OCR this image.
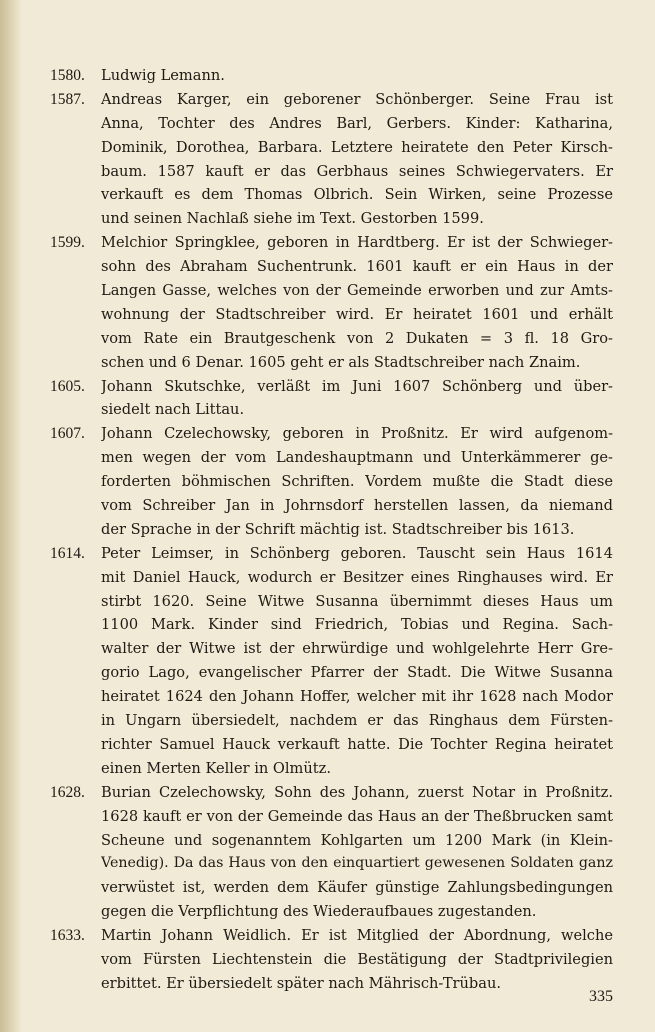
1580. Ludwig Lemann.
1587. Andreas Karger, ein geborener Schönberger. Seine Frau ist
Anna, Tochter des Andres Barl, Gerbers. Kinder: Katharina,
Dominik, Dorothea, Barbara. Letztere heiratete den Peter Kirsch-
baum. 1587 kauft er das Gerbhaus seines Schwiegervaters. Er
verkauft es dem Thomas Olbrich. Sein Wirken, seine Prozesse
und seinen Nachlaß siehe im Text. Gestorben 1599.
1599. Melchior Springklee, geboren in Hardtberg. Er ist der Schwieger-
sohn des Abraham Suchentrunk. 1601 kauft er ein Haus in der
Langen Gasse, welches von der Gemeinde erworben und zur Amts-
wohnung der Stadtschreiber wird. Er heiratet 1601 und erhält
vom Rate ein Brautgeschenk von 2 Dukaten = 3 fl. 18 Gro-
schen und 6 Denar. 1605 geht er als Stadtschreiber nach Znaim.
1605. Johann Skutschke, verläßt im Juni 1607 Schönberg und über-
siedelt nach Littau.
1607. Johann Czelechowsky, geboren in Proßnitz. Er wird aufgenom-
men wegen der vom Landeshauptmann und Unterkämmerer ge-
forderten böhmischen Schriften. Vordem mußte die Stadt diese
vom Schreiber Jan in Johrnsdorf herstellen lassen, da niemand
der Sprache in der Schrift mächtig ist. Stadtschreiber bis 1613.
1614. Peter Leimser, in Schönberg geboren. Tauscht sein Haus 1614
mit Daniel Hauck, wodurch er Besitzer eines Ringhauses wird. Er
stirbt 1620. Seine Witwe Susanna übernimmt dieses Haus um
1100 Mark. Kinder sind Friedrich, Tobias und Regina. Sach-
walter der Witwe ist der ehrwürdige und wohlgelehrte Herr Gre-
gorio Lago, evangelischer Pfarrer der Stadt. Die Witwe Susanna
heiratet 1624 den Johann Hoffer, welcher mit ihr 1628 nach Modor
in Ungarn übersiedelt, nachdem er das Ringhaus dem Fürsten-
richter Samuel Hauck verkauft hatte. Die Tochter Regina heiratet
einen Merten Keller in Olmütz.
1628. Burian Czelechowsky, Sohn des Johann, zuerst Notar in Proßnitz.
1628 kauft er von der Gemeinde das Haus an der Theßbrucken samt
Scheune und sogenanntem Kohlgarten um 1200 Mark (in Klein-
Venedig). Da das Haus von den einquartiert gewesenen Soldaten ganz
verwüstet ist, werden dem Käufer günstige Zahlungsbedingungen
gegen die Verpflichtung des Wiederaufbaues zugestanden.
1633. Martin Johann Weidlich. Er ist Mitglied der Abordnung, welche
vom Fürsten Liechtenstein die Bestätigung der Stadtprivilegien
erbittet. Er übersiedelt später nach Mährisch-Trübau.
335
